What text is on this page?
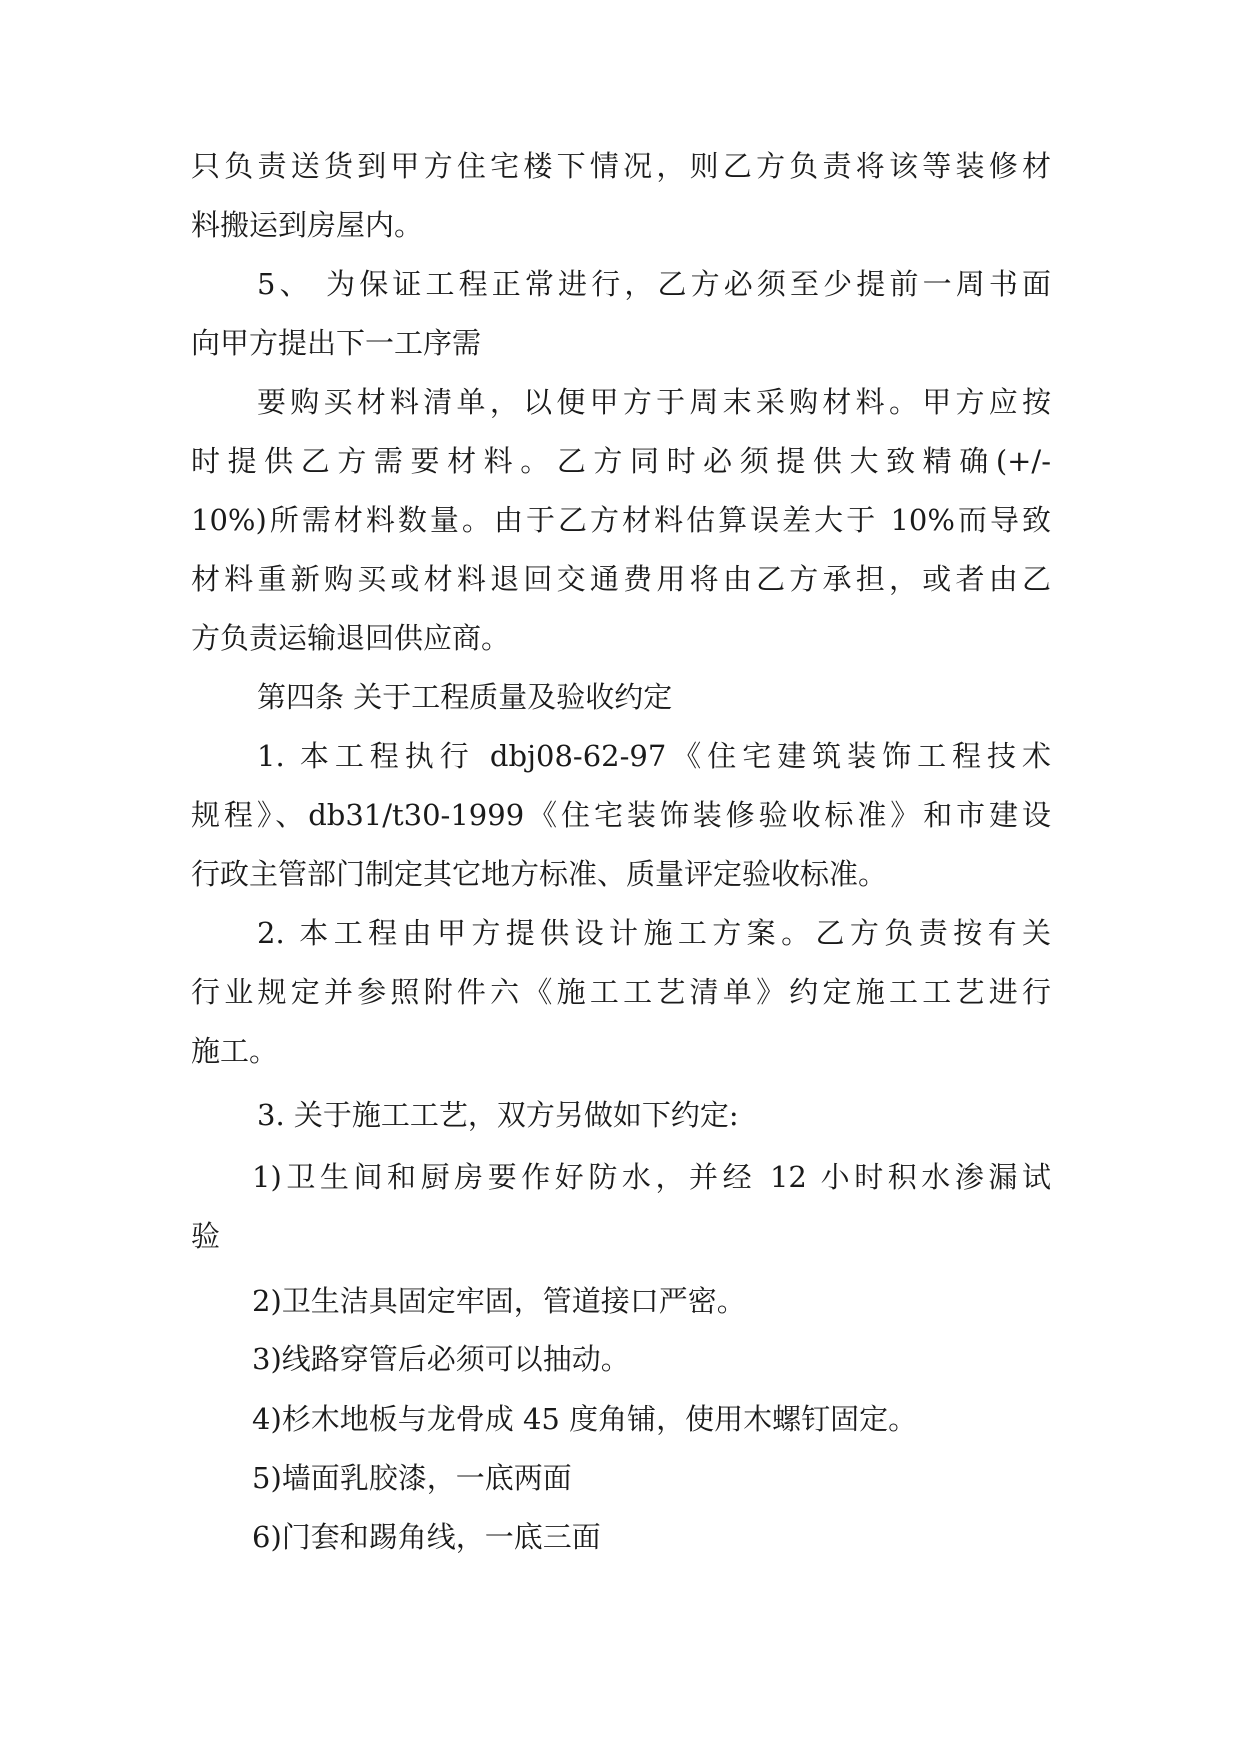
只负责送货到甲方住宅楼下情况，则乙方负责将该等装修材
料搬运到房屋内。
5、 为保证工程正常进行，乙方必须至少提前一周书面
向甲方提出下一工序需
要购买材料清单，以便甲方于周末采购材料。甲方应按
时提供乙方需要材料。乙方同时必须提供大致精确(+/-
10%)所需材料数量。由于乙方材料估算误差大于 10%而导致
材料重新购买或材料退回交通费用将由乙方承担，或者由乙
方负责运输退回供应商。
第四条 关于工程质量及验收约定
1. 本工程执行 dbj08-62-97《住宅建筑装饰工程技术
规程》、db31/t30-1999《住宅装饰装修验收标准》和市建设
行政主管部门制定其它地方标准、质量评定验收标准。
2. 本工程由甲方提供设计施工方案。乙方负责按有关
行业规定并参照附件六《施工工艺清单》约定施工工艺进行
施工。
3. 关于施工工艺，双方另做如下约定:
1)卫生间和厨房要作好防水，并经 12 小时积水渗漏试
验
2)卫生洁具固定牢固，管道接口严密。
3)线路穿管后必须可以抽动。
4)杉木地板与龙骨成 45 度角铺，使用木螺钉固定。
5)墙面乳胶漆，一底两面
6)门套和踢角线，一底三面
